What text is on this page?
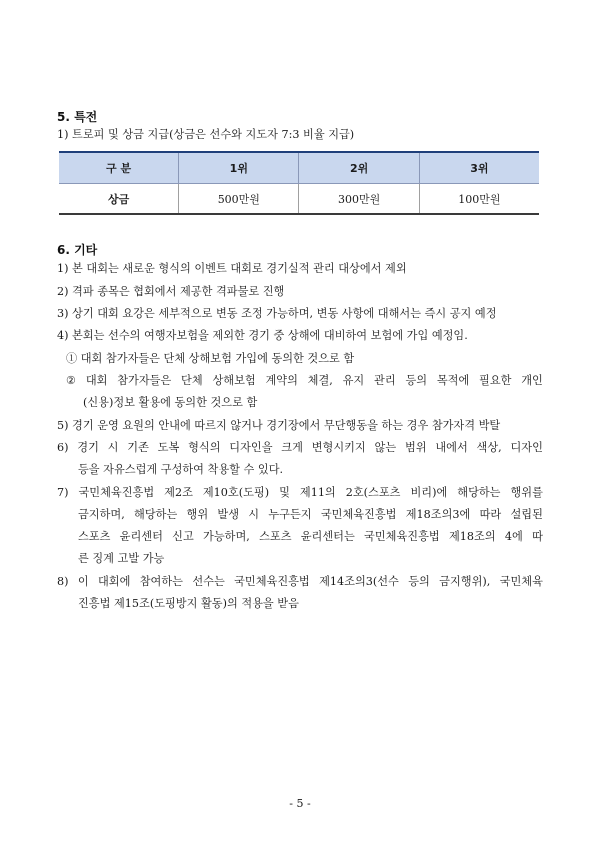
5. 특전

1) 트로피 및 상금 지급(상금은 선수와 지도자 7:3 비율 지급)

구 분	1위	2위	3위
상금	500만원	300만원	100만원
6. 기타

1) 본 대회는 새로운 형식의 이벤트 대회로 경기실적 관리 대상에서 제외

2) 격파 종목은 협회에서 제공한 격파물로 진행

3) 상기 대회 요강은 세부적으로 변동 조정 가능하며, 변동 사항에 대해서는 즉시 공지 예정

4) 본회는 선수의 여행자보험을 제외한 경기 중 상해에 대비하여 보험에 가입 예정임.

① 대회 참가자들은 단체 상해보험 가입에 동의한 것으로 함

② 대회 참가자들은 단체 상해보험 계약의 체결, 유지 관리 등의 목적에 필요한 개인

(신용)정보 활용에 동의한 것으로 함

5) 경기 운영 요원의 안내에 따르지 않거나 경기장에서 무단행동을 하는 경우 참가자격 박탈

6) 경기 시 기존 도복 형식의 디자인을 크게 변형시키지 않는 범위 내에서 색상, 디자인

등을 자유스럽게 구성하여 착용할 수 있다.

7) 국민체육진흥법 제2조 제10호(도핑) 및 제11의 2호(스포츠 비리)에 해당하는 행위를

금지하며, 해당하는 행위 발생 시 누구든지 국민체육진흥법 제18조의3에 따라 설립된

스포츠 윤리센터 신고 가능하며, 스포츠 윤리센터는 국민체육진흥법 제18조의 4에 따

른 징계 고발 가능

8) 이 대회에 참여하는 선수는 국민체육진흥법 제14조의3(선수 등의 금지행위), 국민체육

진흥법 제15조(도핑방지 활동)의 적용을 받음

- 5 -
